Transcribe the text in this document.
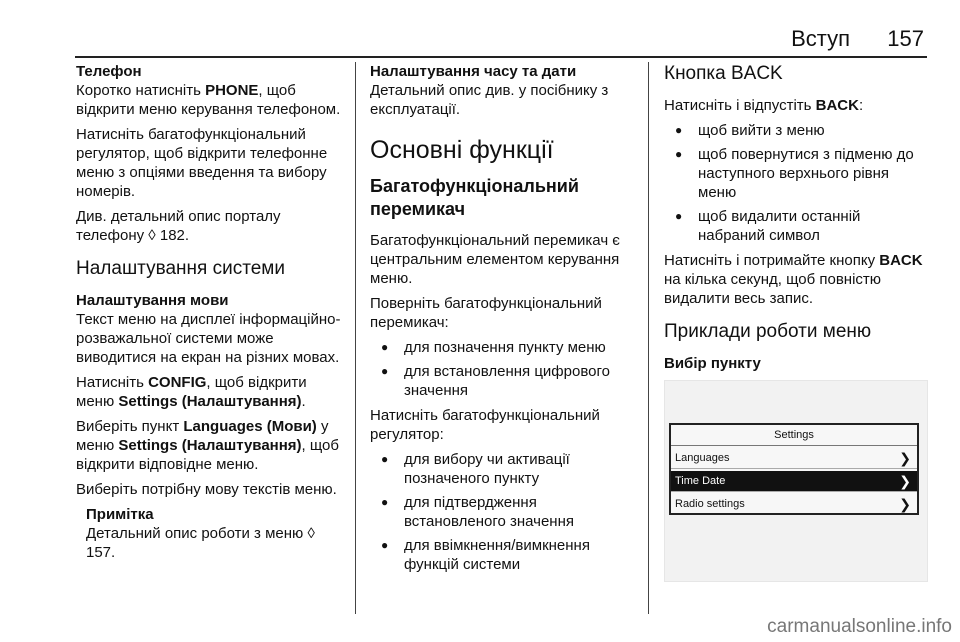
Вступ 157
Телефон

Коротко натисніть PHONE, щоб відкрити меню керування телефоном.

Натисніть багатофункціональний регулятор, щоб відкрити телефонне меню з опціями введення та вибору номерів.

Див. детальний опис порталу телефону ◊ 182.

Налаштування системи
Налаштування мови

Текст меню на дисплеї інформаційно-розважальної системи може виводитися на екран на різних мовах.

Натисніть CONFIG, щоб відкрити меню Settings (Налаштування).

Виберіть пункт Languages (Мови) у меню Settings (Налаштування), щоб відкрити відповідне меню.

Виберіть потрібну мову текстів меню.

Примітка

Детальний опис роботи з меню ◊ 157.

Налаштування часу та дати

Детальний опис див. у посібнику з експлуатації.

Основні функції
Багатофункціональний перемикач

Багатофункціональний перемикач є центральним елементом керування меню.

Поверніть багатофункціональний перемикач:

● для позначення пункту меню
● для встановлення цифрового значення

Натисніть багатофункціональний регулятор:

● для вибору чи активації позначеного пункту
● для підтвердження встановленого значення
● для ввімкнення/вимкнення функцій системи
Кнопка BACK

Натисніть і відпустіть BACK:

● щоб вийти з меню
● щоб повернутися з підменю до наступного верхнього рівня меню
● щоб видалити останній набраний символ

Натисніть і потримайте кнопку BACK на кілька секунд, щоб повністю видалити весь запис.

Приклади роботи меню
Вибір пункту
Settings
Languages	❯
Time Date	❯
Radio settings	❯
carmanualsonline.info
